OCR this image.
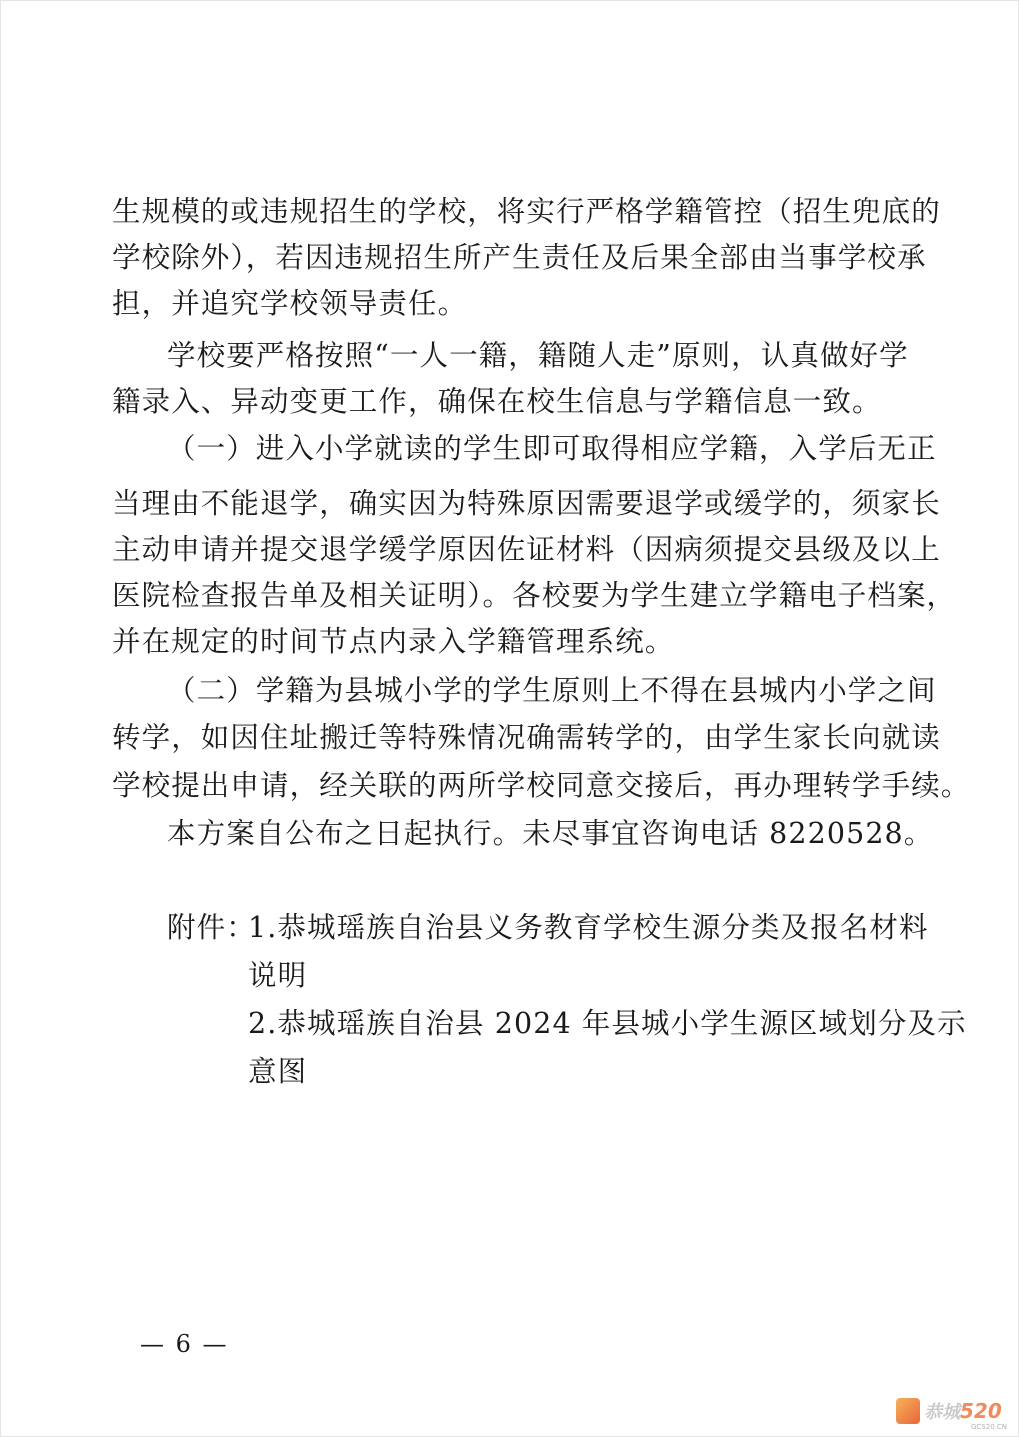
生规模的或违规招生的学校，将实行严格学籍管控（招生兜底的
学校除外），若因违规招生所产生责任及后果全部由当事学校承
担，并追究学校领导责任。
学校要严格按照“一人一籍，籍随人走”原则，认真做好学
籍录入、异动变更工作，确保在校生信息与学籍信息一致。
（一）进入小学就读的学生即可取得相应学籍，入学后无正
当理由不能退学，确实因为特殊原因需要退学或缓学的，须家长
主动申请并提交退学缓学原因佐证材料（因病须提交县级及以上
医院检查报告单及相关证明）。各校要为学生建立学籍电子档案，
并在规定的时间节点内录入学籍管理系统。
（二）学籍为县城小学的学生原则上不得在县城内小学之间
转学，如因住址搬迁等特殊情况确需转学的，由学生家长向就读
学校提出申请，经关联的两所学校同意交接后，再办理转学手续。
本方案自公布之日起执行。未尽事宜咨询电话 8220528。
附件：
1.恭城瑶族自治县义务教育学校生源分类及报名材料
说明
2.恭城瑶族自治县 2024 年县城小学生源区域划分及示
意图
— 6 —
恭城 520
GCS20.CN
